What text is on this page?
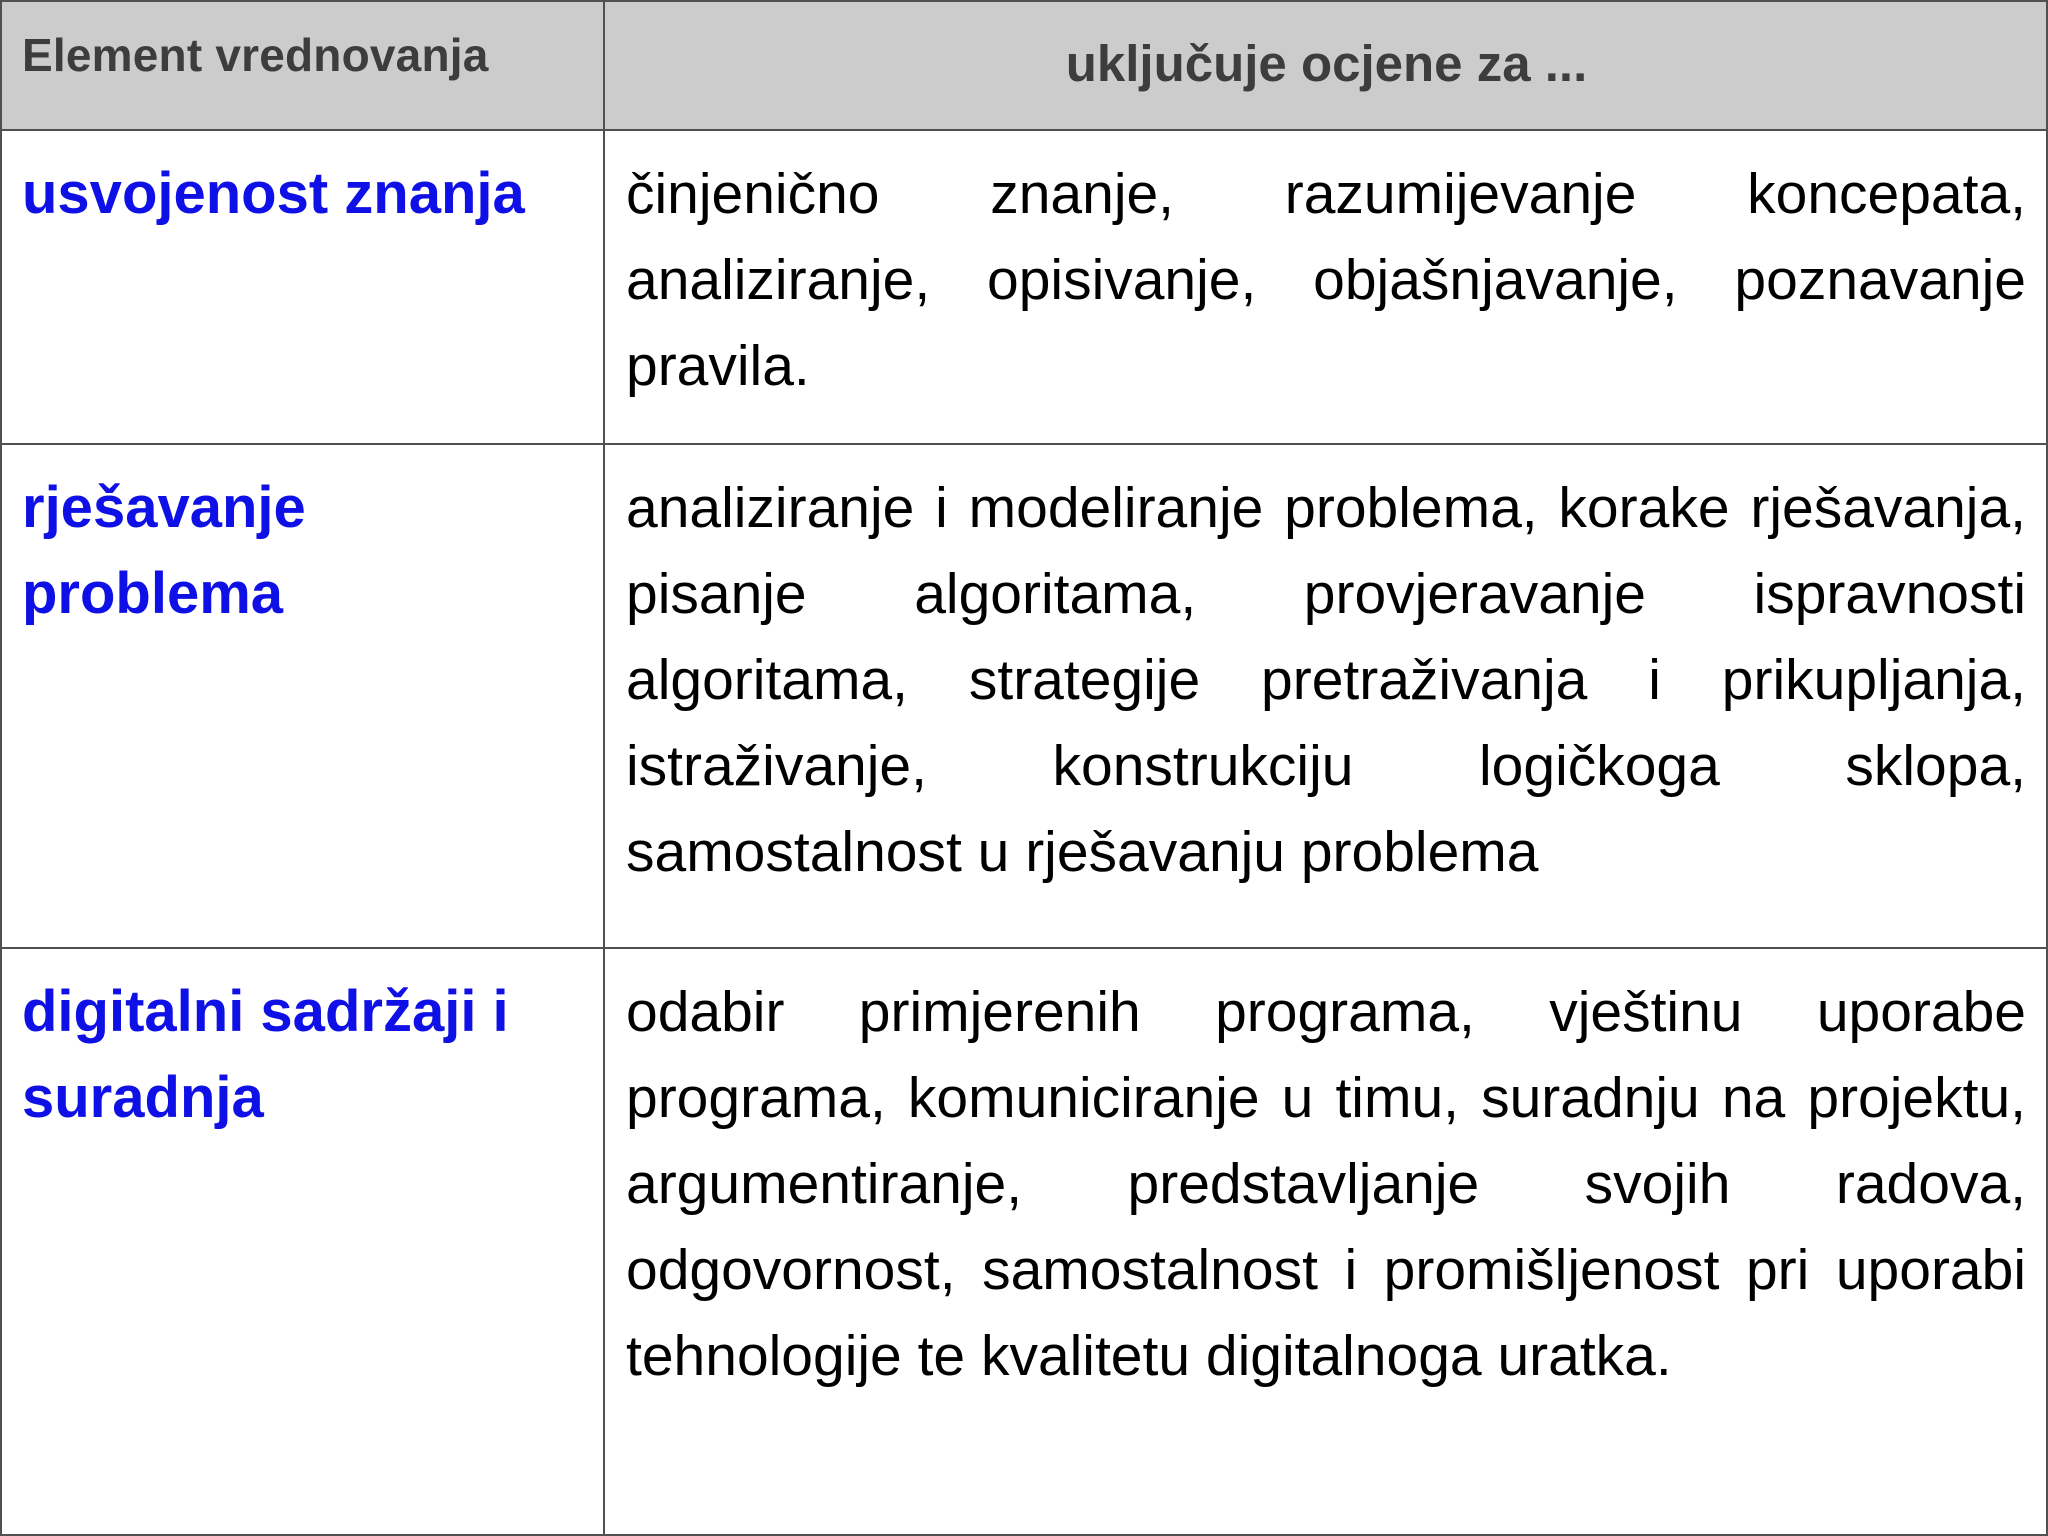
Element vrednovanja	uključuje ocjene za ...
usvojenost znanja	činjenično znanje, razumijevanje koncepata, analiziranje, opisivanje, objašnjavanje, poznavanje pravila.
rješavanje problema
analiziranje i modeliranje problema, korake rješavanja, pisanje algoritama, provjeravanje ispravnosti algoritama, strategije pretraživanja i prikupljanja, istraživanje, konstrukciju logičkoga sklopa, samostalnost u rješavanju problema
digitalni sadržaji i suradnja
odabir primjerenih programa, vještinu uporabe programa, komuniciranje u timu, suradnju na projektu, argumentiranje, predstavljanje svojih radova, odgovornost, samostalnost i promišljenost pri uporabi tehnologije te kvalitetu digitalnoga uratka.
